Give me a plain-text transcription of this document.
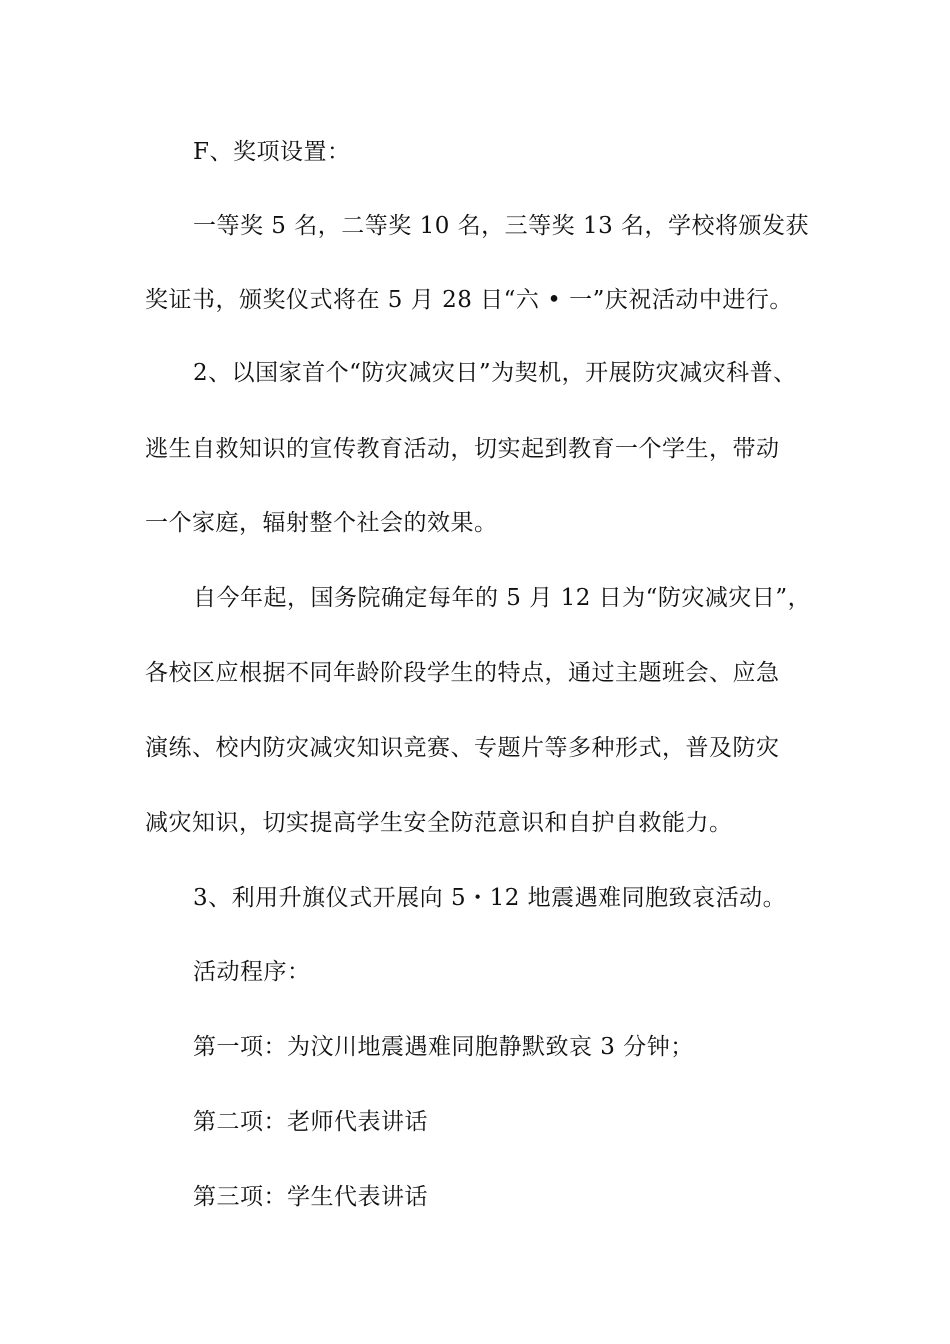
F、奖项设置：
一等奖 5 名，二等奖 10 名，三等奖 13 名，学校将颁发获
奖证书，颁奖仪式将在 5 月 28 日“六 • 一”庆祝活动中进行。
2、以国家首个“防灾减灾日”为契机，开展防灾减灾科普、
逃生自救知识的宣传教育活动，切实起到教育一个学生，带动
一个家庭，辐射整个社会的效果。
自今年起，国务院确定每年的 5 月 12 日为“防灾减灾日”，
各校区应根据不同年龄阶段学生的特点，通过主题班会、应急
演练、校内防灾减灾知识竞赛、专题片等多种形式，普及防灾
减灾知识，切实提高学生安全防范意识和自护自救能力。
3、利用升旗仪式开展向 5・12 地震遇难同胞致哀活动。
活动程序：
第一项：为汶川地震遇难同胞静默致哀 3 分钟；
第二项：老师代表讲话
第三项：学生代表讲话
